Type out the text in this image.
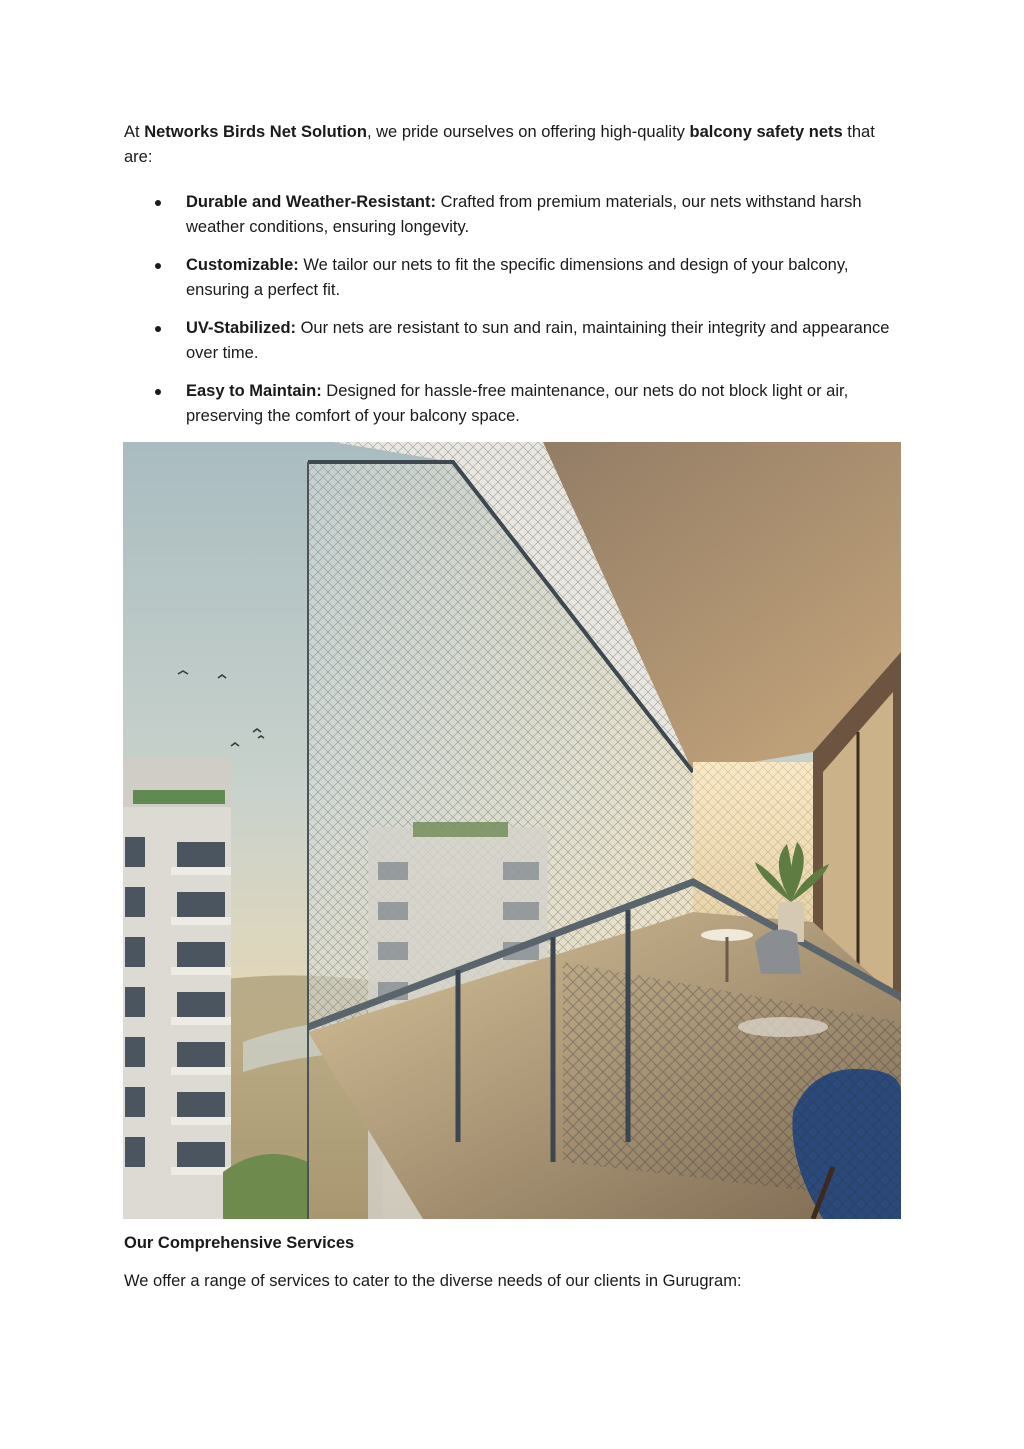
At Networks Birds Net Solution, we pride ourselves on offering high-quality balcony safety nets that are:

Durable and Weather-Resistant: Crafted from premium materials, our nets withstand harsh weather conditions, ensuring longevity.
Customizable: We tailor our nets to fit the specific dimensions and design of your balcony, ensuring a perfect fit.
UV-Stabilized: Our nets are resistant to sun and rain, maintaining their integrity and appearance over time.
Easy to Maintain: Designed for hassle-free maintenance, our nets do not block light or air, preserving the comfort of your balcony space.

Our Comprehensive Services

We offer a range of services to cater to the diverse needs of our clients in Gurugram:
